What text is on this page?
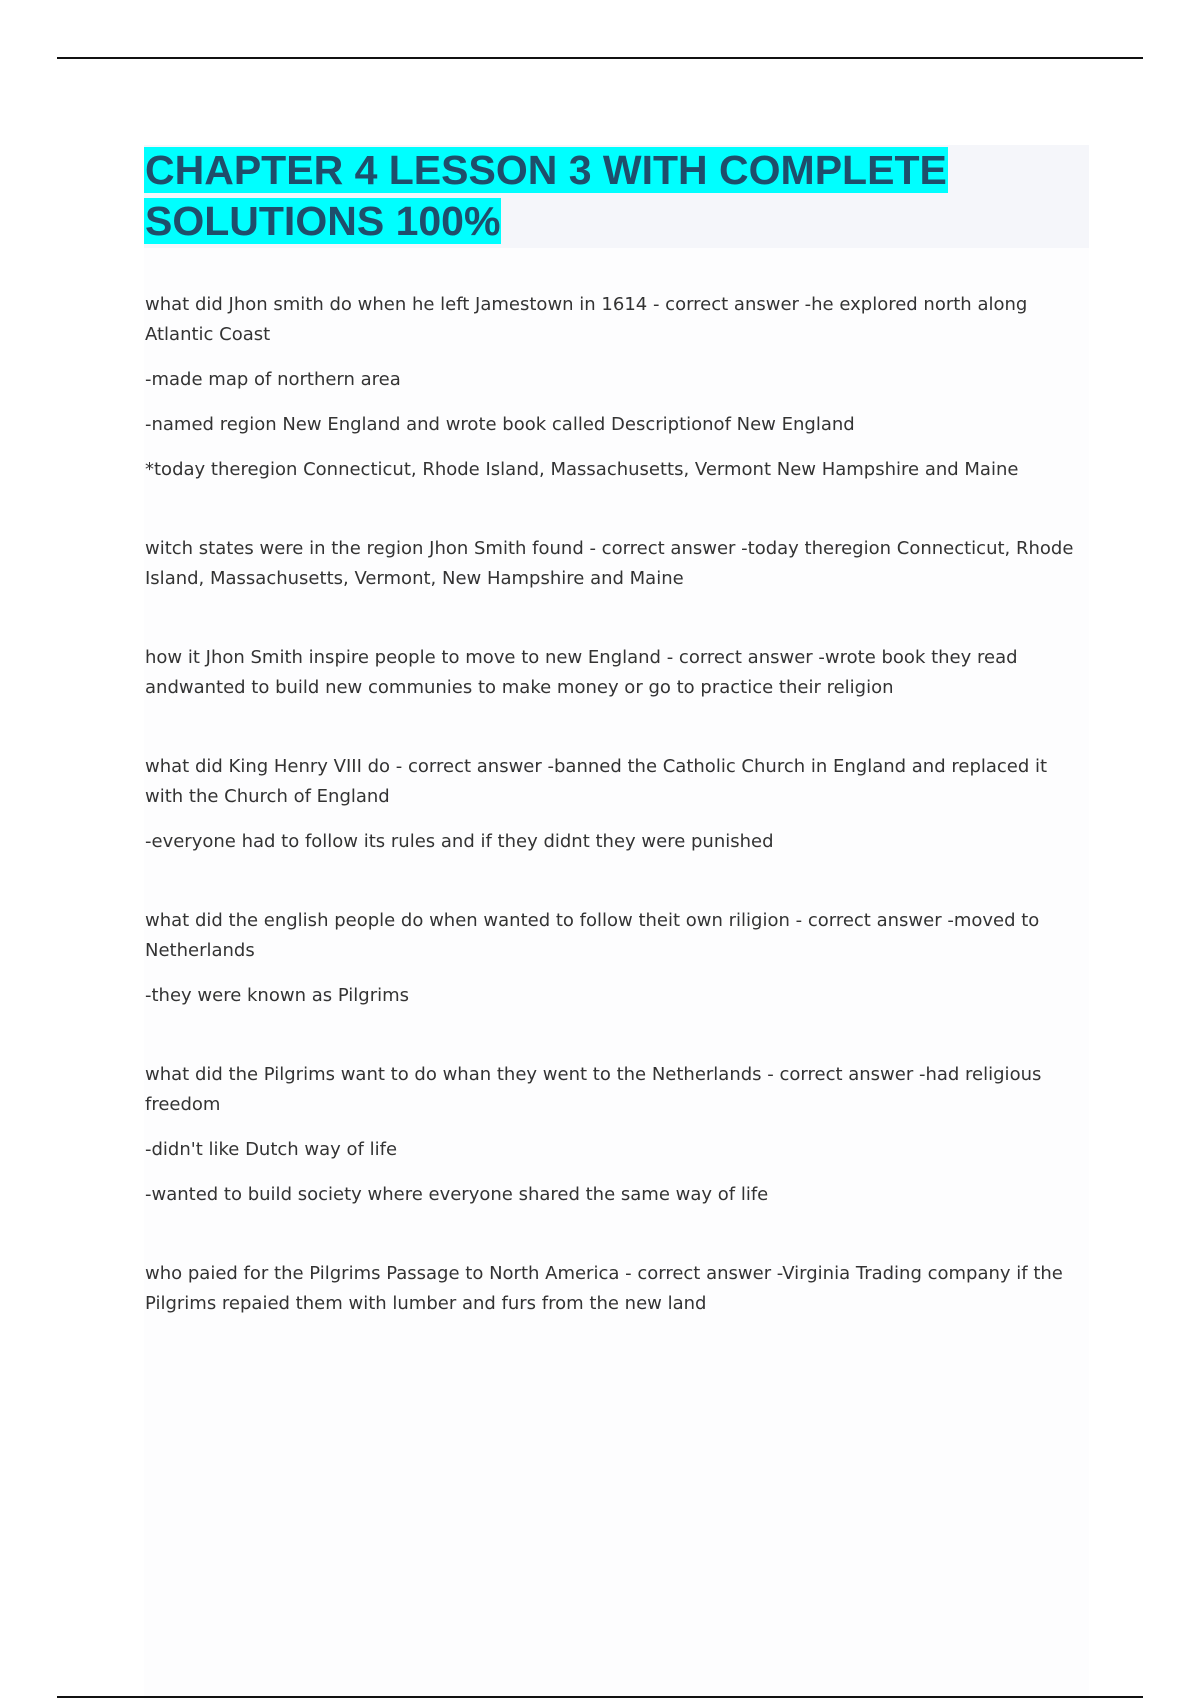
CHAPTER 4 LESSON 3 WITH COMPLETE
SOLUTIONS 100%

what did Jhon smith do when he left Jamestown in 1614 - correct answer -he explored north along Atlantic Coast

-made map of northern area

-named region New England and wrote book called Descriptionof New England

*today theregion Connecticut, Rhode Island, Massachusetts, Vermont New Hampshire and Maine

witch states were in the region Jhon Smith found - correct answer -today theregion Connecticut, Rhode Island, Massachusetts, Vermont, New Hampshire and Maine

how it Jhon Smith inspire people to move to new England - correct answer -wrote book they read andwanted to build new communies to make money or go to practice their religion

what did King Henry VIII do - correct answer -banned the Catholic Church in England and replaced it with the Church of England

-everyone had to follow its rules and if they didnt they were punished

what did the english people do when wanted to follow theit own riligion - correct answer -moved to Netherlands

-they were known as Pilgrims

what did the Pilgrims want to do whan they went to the Netherlands - correct answer -had religious freedom

-didn't like Dutch way of life

-wanted to build society where everyone shared the same way of life

who paied for the Pilgrims Passage to North America - correct answer -Virginia Trading company if the Pilgrims repaied them with lumber and furs from the new land
